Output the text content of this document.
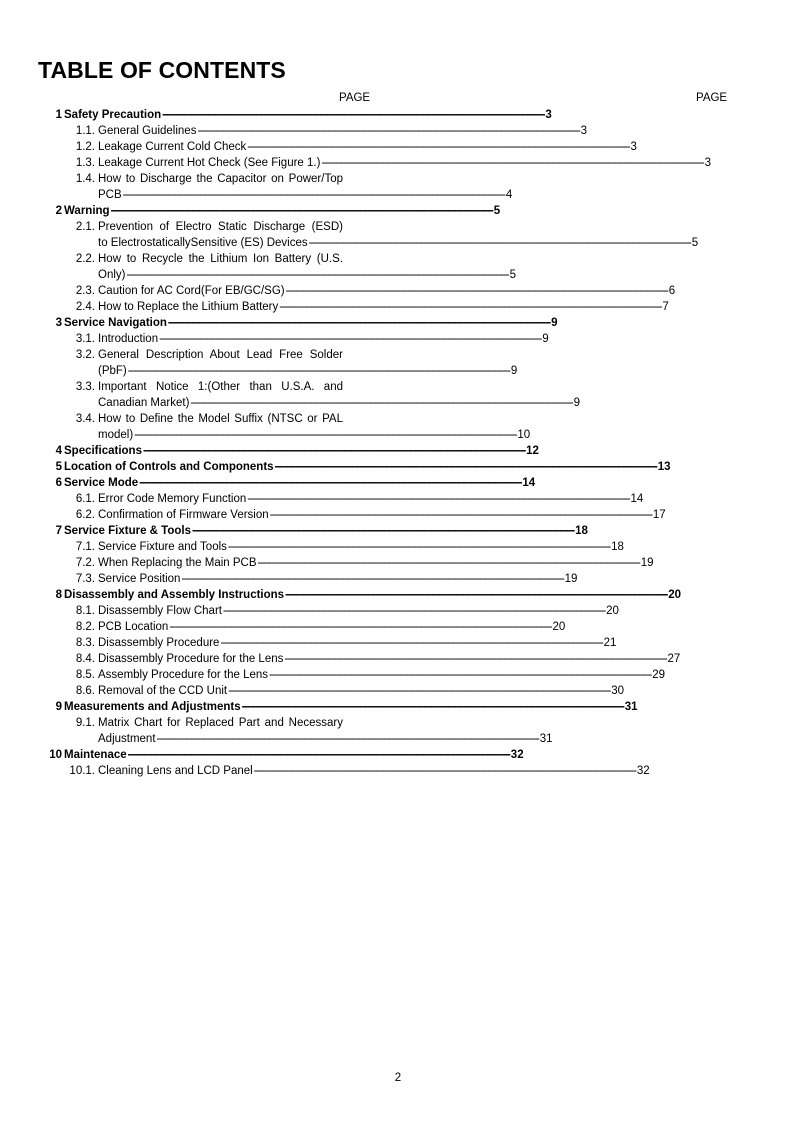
TABLE OF CONTENTS
PAGE	PAGE
1 Safety Precaution -------------------------------------------------------------------------------------------------------------------------------------------- 3
1.1. General Guidelines -------------------------------------------------------------------------------------------------------------------------------------------- 3
1.2. Leakage Current Cold Check -------------------------------------------------------------------------------------------------------------------------------------------- 3
1.3. Leakage Current Hot Check (See Figure 1.) -------------------------------------------------------------------------------------------------------------------------------------------- 3
1.4. How to Discharge the Capacitor on Power/Top
PCB -------------------------------------------------------------------------------------------------------------------------------------------- 4
2 Warning -------------------------------------------------------------------------------------------------------------------------------------------- 5
2.1. Prevention of Electro Static Discharge (ESD)
to ElectrostaticallySensitive (ES) Devices -------------------------------------------------------------------------------------------------------------------------------------------- 5
2.2. How to Recycle the Lithium Ion Battery (U.S.
Only) -------------------------------------------------------------------------------------------------------------------------------------------- 5
2.3. Caution for AC Cord(For EB/GC/SG) -------------------------------------------------------------------------------------------------------------------------------------------- 6
2.4. How to Replace the Lithium Battery -------------------------------------------------------------------------------------------------------------------------------------------- 7
3 Service Navigation -------------------------------------------------------------------------------------------------------------------------------------------- 9
3.1. Introduction -------------------------------------------------------------------------------------------------------------------------------------------- 9
3.2. General Description About Lead Free Solder
(PbF) -------------------------------------------------------------------------------------------------------------------------------------------- 9
3.3. Important Notice 1:(Other than U.S.A. and
Canadian Market) -------------------------------------------------------------------------------------------------------------------------------------------- 9
3.4. How to Define the Model Suffix (NTSC or PAL
model) -------------------------------------------------------------------------------------------------------------------------------------------- 10
4 Specifications -------------------------------------------------------------------------------------------------------------------------------------------- 12
5 Location of Controls and Components -------------------------------------------------------------------------------------------------------------------------------------------- 13
6 Service Mode -------------------------------------------------------------------------------------------------------------------------------------------- 14
6.1. Error Code Memory Function -------------------------------------------------------------------------------------------------------------------------------------------- 14
6.2. Confirmation of Firmware Version -------------------------------------------------------------------------------------------------------------------------------------------- 17
7 Service Fixture & Tools -------------------------------------------------------------------------------------------------------------------------------------------- 18
7.1. Service Fixture and Tools -------------------------------------------------------------------------------------------------------------------------------------------- 18
7.2. When Replacing the Main PCB -------------------------------------------------------------------------------------------------------------------------------------------- 19
7.3. Service Position -------------------------------------------------------------------------------------------------------------------------------------------- 19
8 Disassembly and Assembly Instructions -------------------------------------------------------------------------------------------------------------------------------------------- 20
8.1. Disassembly Flow Chart -------------------------------------------------------------------------------------------------------------------------------------------- 20
8.2. PCB Location -------------------------------------------------------------------------------------------------------------------------------------------- 20
8.3. Disassembly Procedure -------------------------------------------------------------------------------------------------------------------------------------------- 21
8.4. Disassembly Procedure for the Lens -------------------------------------------------------------------------------------------------------------------------------------------- 27
8.5. Assembly Procedure for the Lens -------------------------------------------------------------------------------------------------------------------------------------------- 29
8.6. Removal of the CCD Unit -------------------------------------------------------------------------------------------------------------------------------------------- 30
9 Measurements and Adjustments -------------------------------------------------------------------------------------------------------------------------------------------- 31
9.1. Matrix Chart for Replaced Part and Necessary
Adjustment -------------------------------------------------------------------------------------------------------------------------------------------- 31
10 Maintenace -------------------------------------------------------------------------------------------------------------------------------------------- 32
10.1. Cleaning Lens and LCD Panel -------------------------------------------------------------------------------------------------------------------------------------------- 32
2
